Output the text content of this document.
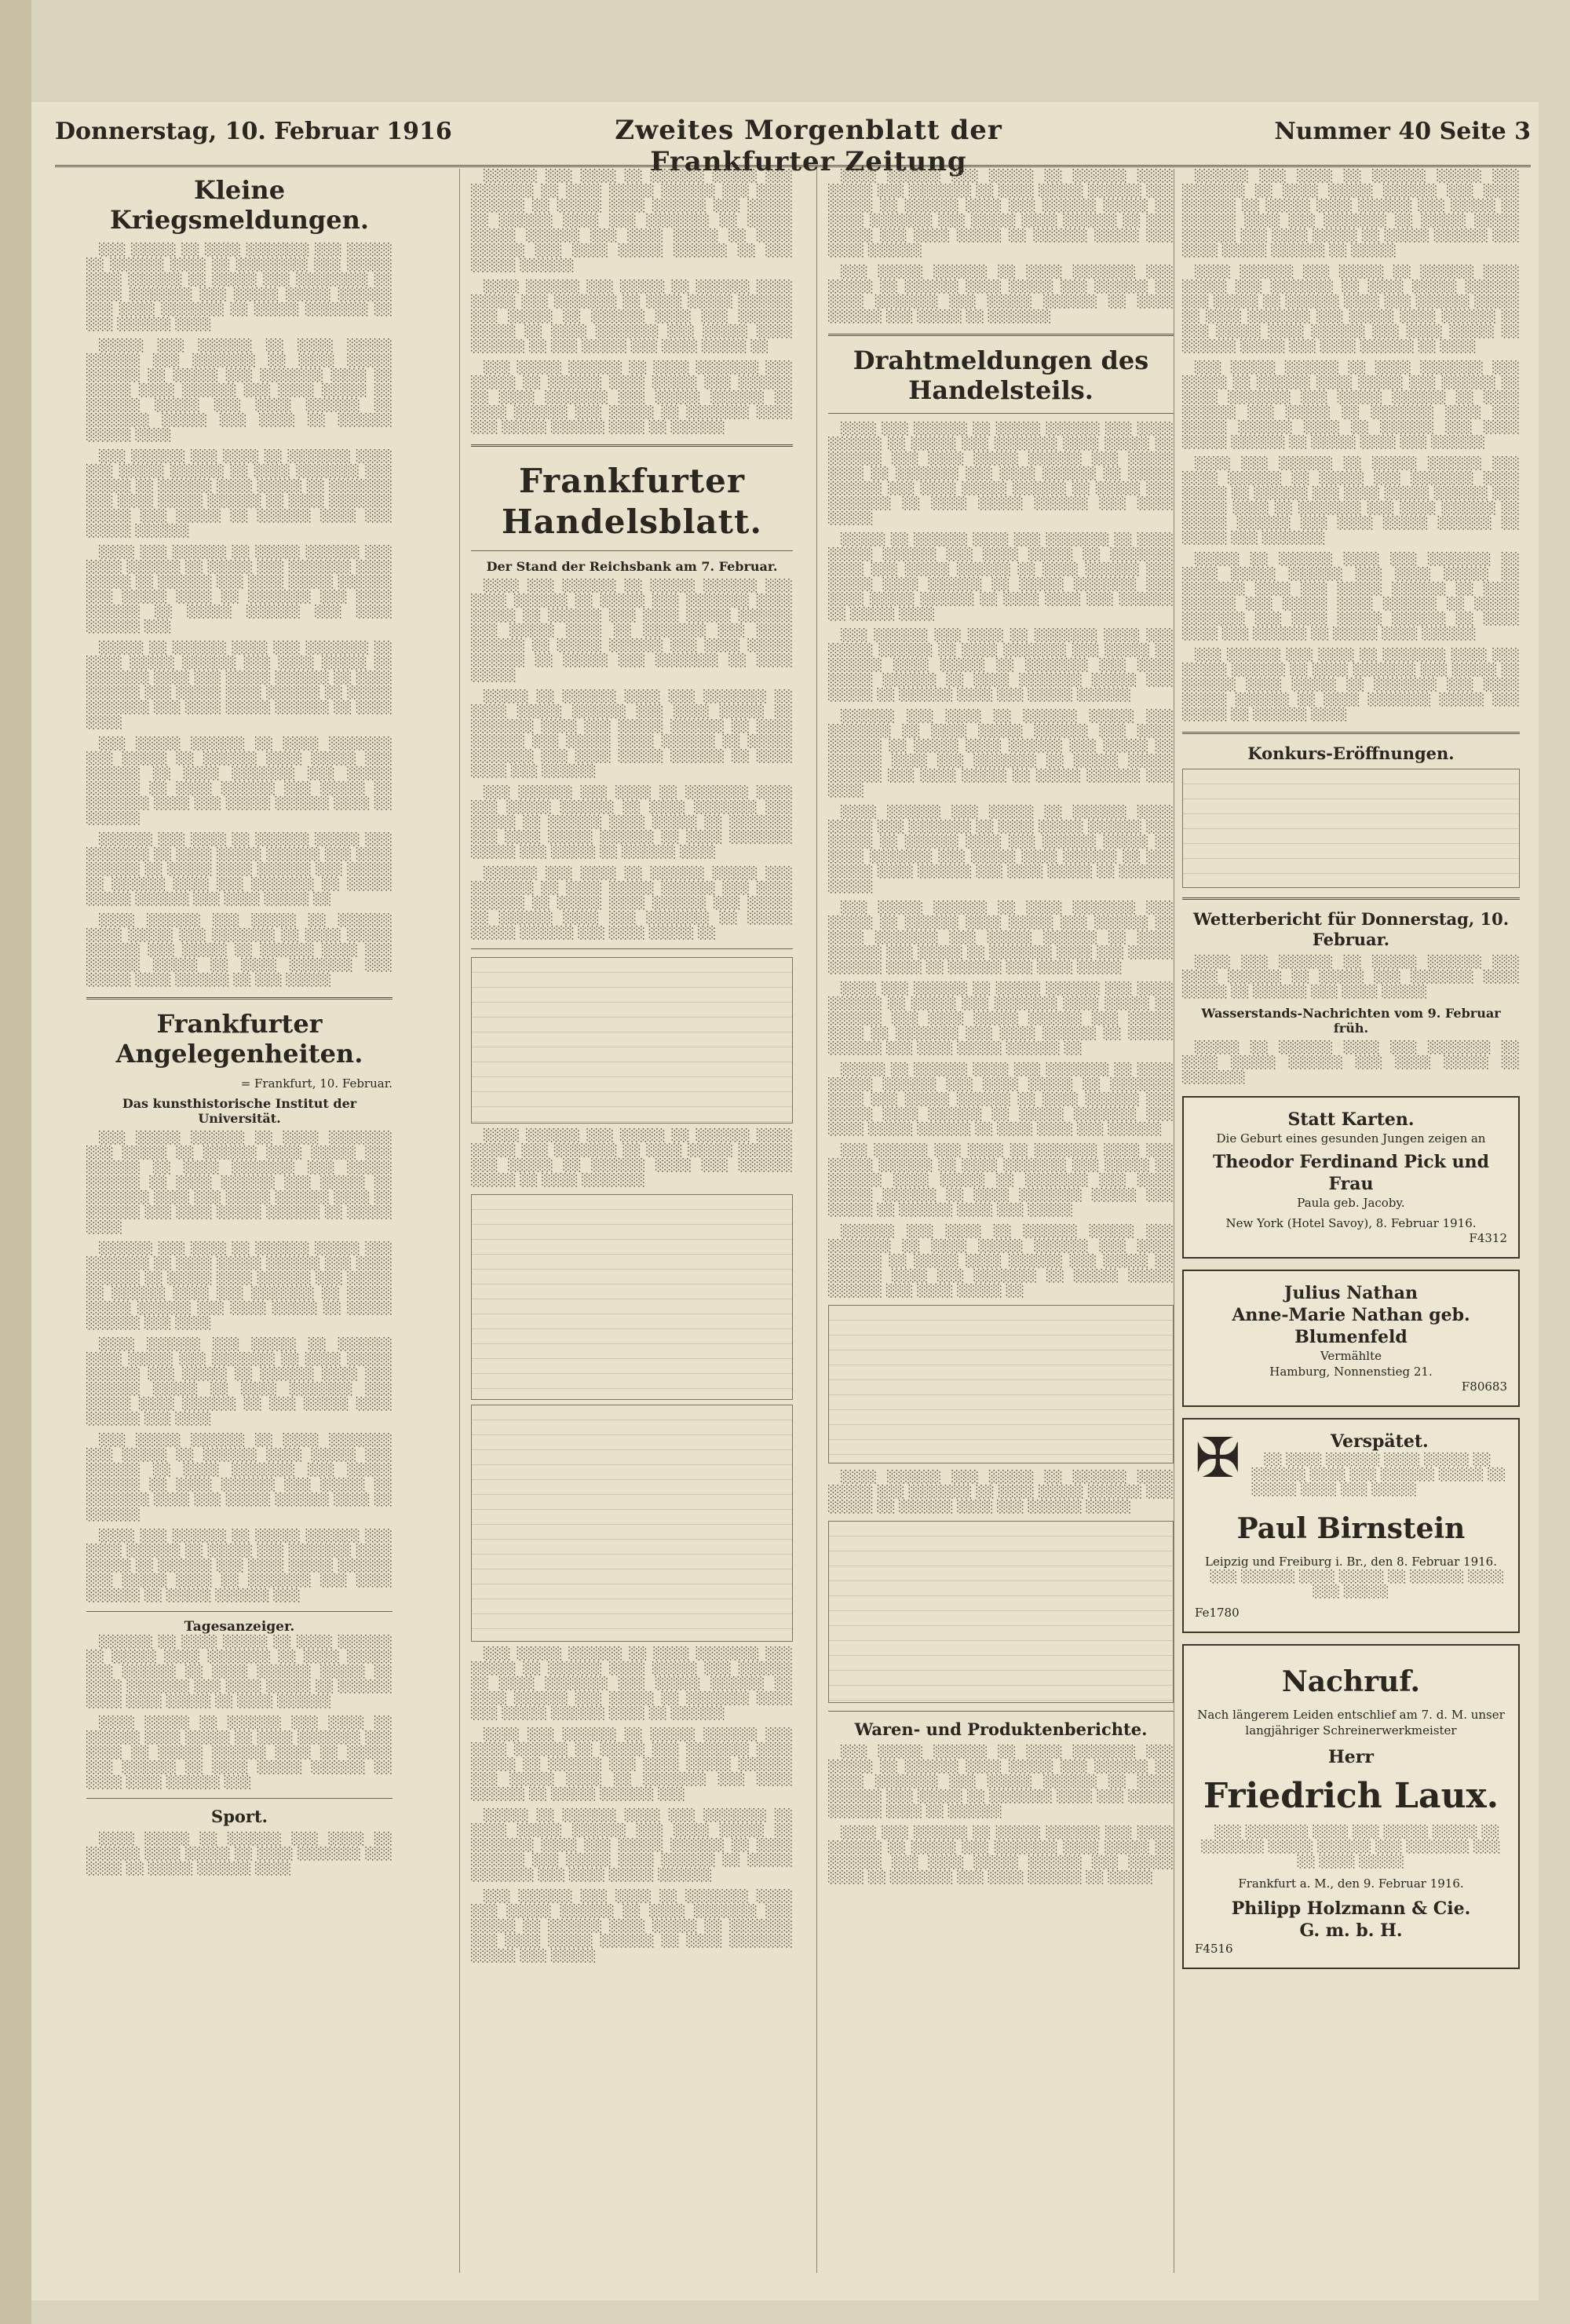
Donnerstag, 10. Februar 1916	Zweites Morgenblatt der Frankfurter Zeitung
Nummer 40 Seite 3
Kleine Kriegsmeldungen.
░░░ ░░░░░ ░░ ░░░░ ░░░░░░░ ░░░ ░░░░░ ░░ ░░░░░░ ░░░░ ░░ ░░░░░░░░ ░░░ ░░░░░ ░░░░ ░░░░░░ ░░ ░░░░░ ░░░ ░░░░░░░░ ░░ ░░░░ ░░░░░░░ ░░░ ░░░░░ ░░░░░ ░░░░░░ ░░░ ░░░░ ░░░░░░░ ░░ ░░░░░ ░░░░░░░ ░░ ░░░ ░░░░░░ ░░░░
░░░░░ ░░░ ░░░░░░ ░░ ░░░░ ░░░░░ ░░░░░░ ░░░ ░░░░░░░ ░░ ░░░░ ░░░░░ ░░░░░░ ░░ ░░░░░ ░░░ ░░░░░░░ ░░░░ ░░ ░░░░░ ░░░░ ░░░░░░ ░░░ ░░░░ ░░░░░ ░░ ░░░░░░ ░░░░░ ░░░ ░░░░ ░░░░░░ ░░ ░░░░░░░ ░░░░░ ░░░ ░░░░ ░░ ░░░░░░ ░░░░░ ░░░░
░░░ ░░░░░░ ░░░ ░░░░ ░░ ░░░░░░░ ░░░░ ░░░ ░░░░░ ░░░░░░ ░░ ░░░░ ░░░░░░░ ░░░ ░░░░░ ░░ ░░░░░░ ░░░░ ░░░░░ ░░ ░░░░░░░ ░░░ ░░░░ ░░░░░ ░░░░░░ ░░ ░░░░ ░░░░░░░ ░░░░░ ░░░ ░░░░░ ░░ ░░░░░░ ░░░░ ░░░ ░░░░░ ░░░░░░
░░░░ ░░░ ░░░░░░ ░░ ░░░░░ ░░░░░░ ░░░ ░░░░ ░░░░░░ ░░ ░░░░░ ░░░ ░░░░░░░ ░░░░ ░░░░░ ░░ ░░░░░░ ░░░ ░░░░ ░░░░░ ░░░░░░ ░░░ ░░░░░ ░░░░ ░░ ░░░░░░░ ░░░ ░░░░ ░░░░░░ ░░ ░░░░░ ░░░░░░ ░░░ ░░░░ ░░░░░░ ░░░
░░░░░ ░░ ░░░░░░ ░░░░ ░░░ ░░░░░░░ ░░ ░░░░ ░░░░░ ░░░░░░ ░░░ ░░░░ ░░░░░ ░░ ░░░░░░░ ░░░░ ░░░ ░░░░░ ░░░░░░ ░░ ░░░░ ░░░░░░ ░░░ ░░░░░ ░░░░ ░░░░░░ ░░ ░░░░░ ░░░░░░░ ░░░ ░░░░ ░░░░░ ░░░░░░ ░░ ░░░░ ░░░░
░░░ ░░░░░ ░░░░░░ ░░ ░░░░ ░░░░░░░ ░░░ ░░░░░ ░░ ░░░░░░ ░░░░ ░░░░░ ░░░ ░░░░░░ ░░ ░░░░ ░░░░░░░ ░░░ ░░░░░ ░░░░░░ ░░ ░░░░ ░░░░░░ ░░░ ░░░░░ ░░ ░░░░░░░ ░░░░ ░░░ ░░░░░ ░░░░░░ ░░░░ ░░ ░░░░░░
░░░░░░ ░░░ ░░░░ ░░ ░░░░░░ ░░░░░ ░░░ ░░░░░░░ ░░ ░░░░ ░░░░░ ░░░░░░ ░░░ ░░░░ ░░░░░░ ░░ ░░░░░ ░░░░ ░░░░░░ ░░░ ░░░░░ ░░ ░░░░░░ ░░░░ ░░░ ░░░░░░░ ░░ ░░░░░ ░░░░░ ░░░░░░ ░░░ ░░░░ ░░░░░ ░░
░░░░ ░░░░░░ ░░░ ░░░░░ ░░ ░░░░░░ ░░░░ ░░░░░ ░░░ ░░░░░░░ ░░ ░░░░ ░░░░░ ░░░░░░ ░░░ ░░░░░ ░░ ░░░░░░ ░░░░ ░░░ ░░░░░░ ░░░░░ ░░ ░░░░ ░░░░░░░ ░░░ ░░░░░ ░░░░ ░░░░░░ ░░ ░░░ ░░░░░
Frankfurter Angelegenheiten.
= Frankfurt, 10. Februar.
Das kunsthistorische Institut der Universität.
░░░ ░░░░░ ░░░░░░ ░░ ░░░░ ░░░░░░░ ░░░ ░░░░░ ░░ ░░░░░░ ░░░░ ░░░░░ ░░░ ░░░░░░ ░░ ░░░░ ░░░░░░░ ░░░ ░░░░░ ░░░░░░ ░░ ░░░░ ░░░░░░ ░░░ ░░░░░ ░░ ░░░░░░░ ░░░░ ░░░ ░░░░░ ░░░░░░ ░░░░ ░░ ░░░░░░ ░░░ ░░░░ ░░░░░ ░░░░░░ ░░ ░░░░░ ░░░░
░░░░░░ ░░░ ░░░░ ░░ ░░░░░░ ░░░░░ ░░░ ░░░░░░░ ░░ ░░░░ ░░░░░ ░░░░░░ ░░░ ░░░░ ░░░░░░ ░░ ░░░░░ ░░░░ ░░░░░░ ░░░ ░░░░░ ░░ ░░░░░░ ░░░░ ░░░ ░░░░░░░ ░░ ░░░░░ ░░░░░ ░░░░░░ ░░░ ░░░░ ░░░░░ ░░ ░░░░░ ░░░░░░ ░░░ ░░░░
░░░░ ░░░░░░ ░░░ ░░░░░ ░░ ░░░░░░ ░░░░ ░░░░░ ░░░ ░░░░░░░ ░░ ░░░░ ░░░░░ ░░░░░░ ░░░ ░░░░░ ░░ ░░░░░░ ░░░░ ░░░ ░░░░░░ ░░░░░ ░░ ░░░░ ░░░░░░░ ░░░ ░░░░░ ░░░░ ░░░░░░ ░░ ░░░ ░░░░░ ░░░░ ░░░░░░ ░░░ ░░░░
░░░ ░░░░░ ░░░░░░ ░░ ░░░░ ░░░░░░░ ░░░ ░░░░░ ░░ ░░░░░░ ░░░░ ░░░░░ ░░░ ░░░░░░ ░░ ░░░░ ░░░░░░░ ░░░ ░░░░░ ░░░░░░ ░░ ░░░░ ░░░░░░ ░░░ ░░░░░ ░░ ░░░░░░░ ░░░░ ░░░ ░░░░░ ░░░░░░ ░░░░ ░░ ░░░░░░
░░░░ ░░░ ░░░░░░ ░░ ░░░░░ ░░░░░░ ░░░ ░░░░ ░░░░░░ ░░ ░░░░░ ░░░ ░░░░░░░ ░░░░ ░░░░░ ░░ ░░░░░░ ░░░ ░░░░ ░░░░░ ░░░░░░ ░░░ ░░░░░ ░░░░ ░░ ░░░░░░░ ░░░ ░░░░ ░░░░░░ ░░ ░░░░░ ░░░░░░ ░░░
Tagesanzeiger.
░░░░░░ ░░ ░░░░ ░░░░░ ░░ ░░░░ ░░░░░░ ░░ ░░░░░ ░░░░ ░░░░░░░ ░░ ░░░░ ░░░░░ ░░░ ░░░░░░ ░░ ░░░░ ░░░░░░ ░░░░░ ░░ ░░░░ ░░░░░░░ ░░░ ░░░░ ░░░░░ ░░ ░░░░░░ ░░░░ ░░░░ ░░░░░ ░░ ░░░░ ░░░░░░
░░░░ ░░░░░ ░░ ░░░░░░ ░░░ ░░░░ ░░ ░░░░░░ ░░░░ ░░░░░ ░░ ░░░░ ░░░░░░░ ░░░ ░░░░ ░░ ░░░░░ ░░░░░░ ░░░░ ░░ ░░░░░ ░░░ ░░░░░░ ░░ ░░░░ ░░░░░ ░░░░░░ ░░ ░░░░ ░░░░ ░░░░░░ ░░░
Sport.
░░░░ ░░░░░ ░░ ░░░░░░ ░░░ ░░░░ ░░ ░░░░░░ ░░░░ ░░░░░ ░░ ░░░░ ░░░░░░░ ░░░ ░░░░ ░░ ░░░░░ ░░░░░░ ░░░░
░░░░░░ ░░░ ░░░░ ░░ ░░░░░░ ░░░░░ ░░░ ░░░░░░░ ░░ ░░░░ ░░░░░ ░░░░░░ ░░░ ░░░░ ░░░░░░ ░░ ░░░░░ ░░░░ ░░░░░░ ░░░ ░░░░░ ░░ ░░░░░░ ░░░░ ░░░ ░░░░░░░ ░░ ░░░░░ ░░░░░ ░░░░░░ ░░░ ░░░░ ░░░░░ ░░ ░░░░ ░░░░░░ ░░░ ░░░░ ░░░░░ ░░░░░░ ░░ ░░░ ░░░░░ ░░░░░░
░░░░ ░░░░░░ ░░░ ░░░░░ ░░ ░░░░░░ ░░░░ ░░░░░ ░░░ ░░░░░░░ ░░ ░░░░ ░░░░░ ░░░░░░ ░░░ ░░░░░ ░░ ░░░░░░ ░░░░ ░░░ ░░░░░░ ░░░░░ ░░ ░░░░ ░░░░░░░ ░░░ ░░░░░ ░░░░ ░░░░░░ ░░ ░░░ ░░░░░ ░░░ ░░░░ ░░░░░ ░░
░░░ ░░░░░ ░░░░░░ ░░ ░░░░ ░░░░░░░ ░░░ ░░░░░ ░░ ░░░░░░ ░░░░ ░░░░░ ░░░ ░░░░░░ ░░ ░░░░ ░░░░░░░ ░░░ ░░░░░ ░░░░░░ ░░ ░░░░ ░░░░░░ ░░░ ░░░░░ ░░ ░░░░░░░ ░░░░ ░░░ ░░░░░ ░░░░░░ ░░░░ ░░ ░░░░░░
Frankfurter Handelsblatt.
Der Stand der Reichsbank am 7. Februar.
░░░░ ░░░ ░░░░░░ ░░ ░░░░░ ░░░░░░ ░░░ ░░░░ ░░░░░░ ░░ ░░░░░ ░░░ ░░░░░░░ ░░░░ ░░░░░ ░░ ░░░░░░ ░░░ ░░░░ ░░░░░ ░░░░░░ ░░░ ░░░░░ ░░░░ ░░ ░░░░░░░ ░░░ ░░░░ ░░░░░░ ░░ ░░░░░ ░░░░░░ ░░░ ░░░░ ░░░░░ ░░░░░░ ░░ ░░░░░ ░░░ ░░░░░░░ ░░ ░░░░ ░░░░░
░░░░░ ░░ ░░░░░░ ░░░░ ░░░ ░░░░░░░ ░░ ░░░░ ░░░░░ ░░░░░░ ░░░ ░░░░ ░░░░░ ░░ ░░░░░░░ ░░░░ ░░░ ░░░░░ ░░░░░░ ░░ ░░░░ ░░░░░░ ░░░ ░░░░░ ░░░░ ░░░░░░ ░░ ░░░░░ ░░░░░░░ ░░░ ░░░░ ░░░░░ ░░░░░░ ░░ ░░░░ ░░░░ ░░░ ░░░░░░
░░░ ░░░░░░ ░░░ ░░░░ ░░ ░░░░░░░ ░░░░ ░░░ ░░░░░ ░░░░░░ ░░ ░░░░ ░░░░░░░ ░░░ ░░░░░ ░░ ░░░░░░ ░░░░ ░░░░░ ░░ ░░░░░░░ ░░░ ░░░░ ░░░░░ ░░░░░░ ░░ ░░░░ ░░░░░░░ ░░░░░ ░░░ ░░░░░ ░░ ░░░░░░ ░░░░
░░░░░░ ░░░ ░░░░ ░░ ░░░░░░ ░░░░░ ░░░ ░░░░░░░ ░░ ░░░░ ░░░░░ ░░░░░░ ░░░ ░░░░ ░░░░░░ ░░ ░░░░░ ░░░░ ░░░░░░ ░░░ ░░░░░ ░░ ░░░░░░ ░░░░ ░░░ ░░░░░░░ ░░ ░░░░░ ░░░░░ ░░░░░░ ░░░ ░░░░ ░░░░░ ░░
░░░░ ░░░░░░ ░░░ ░░░░░ ░░ ░░░░░░ ░░░░ ░░░░░ ░░░ ░░░░░░░ ░░ ░░░░ ░░░░░ ░░░░░░ ░░░ ░░░░░ ░░ ░░░░░░ ░░░░ ░░░ ░░░░░░ ░░░░░ ░░ ░░░░ ░░░░░░░
░░░ ░░░░░ ░░░░░░ ░░ ░░░░ ░░░░░░░ ░░░ ░░░░░ ░░ ░░░░░░ ░░░░ ░░░░░ ░░░ ░░░░░░ ░░ ░░░░ ░░░░░░░ ░░░ ░░░░░ ░░░░░░ ░░ ░░░░ ░░░░░░ ░░░ ░░░░░ ░░ ░░░░░░░ ░░░░ ░░░ ░░░░░ ░░░░░░ ░░░░ ░░ ░░░░░░
░░░░ ░░░ ░░░░░░ ░░ ░░░░░ ░░░░░░ ░░░ ░░░░ ░░░░░░ ░░ ░░░░░ ░░░ ░░░░░░░ ░░░░ ░░░░░ ░░ ░░░░░░ ░░░ ░░░░ ░░░░░ ░░░░░░ ░░░ ░░░░░ ░░░░ ░░ ░░░░░░░ ░░░ ░░░░ ░░░░░░ ░░ ░░░░░ ░░░░░░ ░░░
░░░░░ ░░ ░░░░░░ ░░░░ ░░░ ░░░░░░░ ░░ ░░░░ ░░░░░ ░░░░░░ ░░░ ░░░░ ░░░░░ ░░ ░░░░░░░ ░░░░ ░░░ ░░░░░ ░░░░░░ ░░ ░░░░ ░░░░░░ ░░░ ░░░░░ ░░░░ ░░░░░░ ░░ ░░░░░ ░░░░░░░ ░░░ ░░░░ ░░░░░ ░░░░░░
░░░ ░░░░░░ ░░░ ░░░░ ░░ ░░░░░░░ ░░░░ ░░░ ░░░░░ ░░░░░░ ░░ ░░░░ ░░░░░░░ ░░░ ░░░░░ ░░ ░░░░░░ ░░░░ ░░░░░ ░░ ░░░░░░░ ░░░ ░░░░ ░░░░░ ░░░░░░ ░░ ░░░░ ░░░░░░░ ░░░░░ ░░░ ░░░░░
░░░░ ░░░░░░ ░░░ ░░░░░ ░░ ░░░░░░ ░░░░ ░░░░░ ░░░ ░░░░░░░ ░░ ░░░░ ░░░░░ ░░░░░░ ░░░ ░░░░░ ░░ ░░░░░░ ░░░░ ░░░ ░░░░░░ ░░░░░ ░░ ░░░░ ░░░░░░░ ░░░ ░░░░░ ░░░░ ░░░░░░ ░░ ░░░ ░░░░░ ░░░ ░░░░ ░░░░░ ░░ ░░░░░░ ░░░░░ ░░░ ░░░░ ░░░░░░
░░░ ░░░░░ ░░░░░░ ░░ ░░░░ ░░░░░░░ ░░░ ░░░░░ ░░ ░░░░░░ ░░░░ ░░░░░ ░░░ ░░░░░░ ░░ ░░░░ ░░░░░░░ ░░░ ░░░░░ ░░░░░░ ░░ ░░░░ ░░░░░░ ░░░ ░░░░░ ░░ ░░░░░░░
Drahtmeldungen des Handelsteils.
░░░░ ░░░ ░░░░░░ ░░ ░░░░░ ░░░░░░ ░░░ ░░░░ ░░░░░░ ░░ ░░░░░ ░░░ ░░░░░░░ ░░░░ ░░░░░ ░░ ░░░░░░ ░░░ ░░░░ ░░░░░ ░░░░░░ ░░░ ░░░░░ ░░░░ ░░ ░░░░░░░ ░░░ ░░░░ ░░░░░░ ░░ ░░░░░ ░░░░░░ ░░░ ░░░░ ░░░░░ ░░░░░░ ░░ ░░░░░ ░░░ ░░░░░░░ ░░ ░░░░ ░░░░░ ░░░░░░ ░░░ ░░░░ ░░░░░
░░░░░ ░░ ░░░░░░ ░░░░ ░░░ ░░░░░░░ ░░ ░░░░ ░░░░░ ░░░░░░ ░░░ ░░░░ ░░░░░ ░░ ░░░░░░░ ░░░░ ░░░ ░░░░░ ░░░░░░ ░░ ░░░░ ░░░░░░ ░░░ ░░░░░ ░░░░ ░░░░░░ ░░ ░░░░░ ░░░░░░░ ░░░ ░░░░ ░░░░░ ░░░░░░ ░░ ░░░░ ░░░░ ░░░ ░░░░░░ ░░ ░░░░░ ░░░░
░░░ ░░░░░░ ░░░ ░░░░ ░░ ░░░░░░░ ░░░░ ░░░ ░░░░░ ░░░░░░ ░░ ░░░░ ░░░░░░░ ░░░ ░░░░░ ░░ ░░░░░░ ░░░░ ░░░░░ ░░ ░░░░░░░ ░░░ ░░░░ ░░░░░ ░░░░░░ ░░ ░░░░ ░░░░░░░ ░░░░░ ░░░ ░░░░░ ░░ ░░░░░░ ░░░░ ░░░ ░░░░░ ░░░░░░
░░░░░░ ░░░ ░░░░ ░░ ░░░░░░ ░░░░░ ░░░ ░░░░░░░ ░░ ░░░░ ░░░░░ ░░░░░░ ░░░ ░░░░ ░░░░░░ ░░ ░░░░░ ░░░░ ░░░░░░ ░░░ ░░░░░ ░░ ░░░░░░ ░░░░ ░░░ ░░░░░░░ ░░ ░░░░░ ░░░░░ ░░░░░░ ░░░ ░░░░ ░░░░░ ░░ ░░░░░ ░░░░░░ ░░░ ░░░░
░░░░ ░░░░░░ ░░░ ░░░░░ ░░ ░░░░░░ ░░░░ ░░░░░ ░░░ ░░░░░░░ ░░ ░░░░ ░░░░░ ░░░░░░ ░░░ ░░░░░ ░░ ░░░░░░ ░░░░ ░░░ ░░░░░░ ░░░░░ ░░ ░░░░ ░░░░░░░ ░░░ ░░░░░ ░░░░ ░░░░░░ ░░ ░░░ ░░░░░ ░░░░ ░░░░░░ ░░░ ░░░░ ░░░░░ ░░ ░░░░░░ ░░░░░
░░░ ░░░░░ ░░░░░░ ░░ ░░░░ ░░░░░░░ ░░░ ░░░░░ ░░ ░░░░░░ ░░░░ ░░░░░ ░░░ ░░░░░░ ░░ ░░░░ ░░░░░░░ ░░░ ░░░░░ ░░░░░░ ░░ ░░░░ ░░░░░░ ░░░ ░░░░░ ░░ ░░░░░░░ ░░░░ ░░░ ░░░░░ ░░░░░░ ░░░░ ░░ ░░░░░░ ░░░ ░░░░ ░░░░░
░░░░ ░░░ ░░░░░░ ░░ ░░░░░ ░░░░░░ ░░░ ░░░░ ░░░░░░ ░░ ░░░░░ ░░░ ░░░░░░░ ░░░░ ░░░░░ ░░ ░░░░░░ ░░░ ░░░░ ░░░░░ ░░░░░░ ░░░ ░░░░░ ░░░░ ░░ ░░░░░░░ ░░░ ░░░░ ░░░░░░ ░░ ░░░░░ ░░░░░░ ░░░ ░░░░ ░░░░░ ░░░░░░ ░░
░░░░░ ░░ ░░░░░░ ░░░░ ░░░ ░░░░░░░ ░░ ░░░░ ░░░░░ ░░░░░░ ░░░ ░░░░ ░░░░░ ░░ ░░░░░░░ ░░░░ ░░░ ░░░░░ ░░░░░░ ░░ ░░░░ ░░░░░░ ░░░ ░░░░░ ░░░░ ░░░░░░ ░░ ░░░░░ ░░░░░░░ ░░░ ░░░░ ░░░░░ ░░░░░░ ░░ ░░░░ ░░░░ ░░░ ░░░░░░
░░░ ░░░░░░ ░░░ ░░░░ ░░ ░░░░░░░ ░░░░ ░░░ ░░░░░ ░░░░░░ ░░ ░░░░ ░░░░░░░ ░░░ ░░░░░ ░░ ░░░░░░ ░░░░ ░░░░░ ░░ ░░░░░░░ ░░░ ░░░░ ░░░░░ ░░░░░░ ░░ ░░░░ ░░░░░░░ ░░░░░ ░░░ ░░░░░ ░░ ░░░░░░ ░░░░ ░░░ ░░░░░
░░░░░░ ░░░ ░░░░ ░░ ░░░░░░ ░░░░░ ░░░ ░░░░░░░ ░░ ░░░░ ░░░░░ ░░░░░░ ░░░ ░░░░ ░░░░░░ ░░ ░░░░░ ░░░░ ░░░░░░ ░░░ ░░░░░ ░░ ░░░░░░ ░░░░ ░░░ ░░░░░░░ ░░ ░░░░░ ░░░░░ ░░░░░░ ░░░ ░░░░ ░░░░░ ░░
░░░░ ░░░░░░ ░░░ ░░░░░ ░░ ░░░░░░ ░░░░ ░░░░░ ░░░ ░░░░░░░ ░░ ░░░░ ░░░░░ ░░░░░░ ░░░ ░░░░░ ░░ ░░░░░░ ░░░░ ░░░ ░░░░░░ ░░░░░
Waren- und Produktenberichte.
░░░ ░░░░░ ░░░░░░ ░░ ░░░░ ░░░░░░░ ░░░ ░░░░░ ░░ ░░░░░░ ░░░░ ░░░░░ ░░░ ░░░░░░ ░░ ░░░░ ░░░░░░░ ░░░ ░░░░░ ░░░░░░ ░░ ░░░░ ░░░░░░ ░░░ ░░░░░ ░░ ░░░░░░░ ░░░░ ░░░ ░░░░░ ░░░░░░ ░░░░ ░░ ░░░░░░
░░░░ ░░░ ░░░░░░ ░░ ░░░░░ ░░░░░░ ░░░ ░░░░ ░░░░░░ ░░ ░░░░░ ░░░ ░░░░░░░ ░░░░ ░░░░░ ░░ ░░░░░░ ░░░ ░░░░ ░░░░░ ░░░░░░ ░░░ ░░░░░ ░░░░ ░░ ░░░░░░░ ░░░ ░░░░ ░░░░░░ ░░ ░░░░░
░░░░░░ ░░░ ░░░░ ░░ ░░░░░░ ░░░░░ ░░░ ░░░░░░░ ░░ ░░░░ ░░░░░ ░░░░░░ ░░░ ░░░░ ░░░░░░ ░░ ░░░░░ ░░░░ ░░░░░░ ░░░ ░░░░░ ░░ ░░░░░░ ░░░░ ░░░ ░░░░░░░ ░░ ░░░░░ ░░░░░ ░░░░░░ ░░░ ░░░░ ░░░░░ ░░ ░░░░░ ░░░░░░ ░░░ ░░░░ ░░░░░ ░░░░░░ ░░ ░░░░░
░░░░ ░░░░░░ ░░░ ░░░░░ ░░ ░░░░░░ ░░░░ ░░░░░ ░░░ ░░░░░░░ ░░ ░░░░ ░░░░░ ░░░░░░ ░░░ ░░░░░ ░░ ░░░░░░ ░░░░ ░░░ ░░░░░░ ░░░░░ ░░ ░░░░ ░░░░░░░ ░░░ ░░░░░ ░░░░ ░░░░░░ ░░ ░░░ ░░░░░ ░░░░ ░░░░░░ ░░░ ░░░░ ░░░░░ ░░ ░░░░░░ ░░░░░ ░░░ ░░░░ ░░░░░░ ░░ ░░░░
░░░ ░░░░░ ░░░░░░ ░░ ░░░░ ░░░░░░░ ░░░ ░░░░░ ░░ ░░░░░░ ░░░░ ░░░░░ ░░░ ░░░░░░ ░░ ░░░░ ░░░░░░░ ░░░ ░░░░░ ░░░░░░ ░░ ░░░░ ░░░░░░ ░░░ ░░░░░ ░░ ░░░░░░░ ░░░░ ░░░ ░░░░░ ░░░░░░ ░░░░ ░░ ░░░░░░ ░░░ ░░░░ ░░░░░ ░░░░░░ ░░ ░░░░░ ░░░░ ░░░ ░░░░░░
░░░░ ░░░ ░░░░░░ ░░ ░░░░░ ░░░░░░ ░░░ ░░░░ ░░░░░░ ░░ ░░░░░ ░░░ ░░░░░░░ ░░░░ ░░░░░ ░░ ░░░░░░ ░░░ ░░░░ ░░░░░ ░░░░░░ ░░░ ░░░░░ ░░░░ ░░ ░░░░░░░ ░░░ ░░░░ ░░░░░░ ░░ ░░░░░ ░░░░░░ ░░░ ░░░░ ░░░░░ ░░░░░░ ░░ ░░░░░ ░░░ ░░░░░░░
░░░░░ ░░ ░░░░░░ ░░░░ ░░░ ░░░░░░░ ░░ ░░░░ ░░░░░ ░░░░░░ ░░░ ░░░░ ░░░░░ ░░ ░░░░░░░ ░░░░ ░░░ ░░░░░ ░░░░░░ ░░ ░░░░ ░░░░░░ ░░░ ░░░░░ ░░░░ ░░░░░░ ░░ ░░░░░ ░░░░░░░ ░░░ ░░░░ ░░░░░ ░░░░░░ ░░ ░░░░ ░░░░ ░░░ ░░░░░░ ░░ ░░░░░ ░░░░ ░░░░░░
░░░ ░░░░░░ ░░░ ░░░░ ░░ ░░░░░░░ ░░░░ ░░░ ░░░░░ ░░░░░░ ░░ ░░░░ ░░░░░░░ ░░░ ░░░░░ ░░ ░░░░░░ ░░░░ ░░░░░ ░░ ░░░░░░░ ░░░ ░░░░ ░░░░░ ░░░░░░ ░░ ░░░░ ░░░░░░░ ░░░░░ ░░░ ░░░░░ ░░ ░░░░░░ ░░░░
Konkurs-Eröffnungen.
Wetterbericht für Donnerstag, 10. Februar.
░░░░ ░░░ ░░░░░░ ░░ ░░░░░ ░░░░░░ ░░░ ░░░░ ░░░░░░ ░░ ░░░░░ ░░░ ░░░░░░░ ░░░░ ░░░░░ ░░ ░░░░░░ ░░░ ░░░░ ░░░░░
Wasserstands-Nachrichten vom 9. Februar früh.
░░░░░ ░░ ░░░░░░ ░░░░ ░░░ ░░░░░░░ ░░ ░░░░ ░░░░░ ░░░░░░ ░░░ ░░░░ ░░░░░ ░░ ░░░░░░░
Statt Karten.
Die Geburt eines gesunden Jungen zeigen an
Theodor Ferdinand Pick und Frau
Paula geb. Jacoby.
New York (Hotel Savoy), 8. Februar 1916.
F4312
Julius Nathan
Anne-Marie Nathan geb. Blumenfeld
Vermählte
Hamburg, Nonnenstieg 21.
F80683
✠	Verspätet.
░░ ░░░░ ░░░░░░ ░░░░ ░░░░░ ░░ ░░░░░░ ░░░░ ░░░ ░░░░░░ ░░░░░ ░░ ░░░░░ ░░░░ ░░░ ░░░░░
Paul Birnstein
Leipzig und Freiburg i. Br., den 8. Februar 1916.
░░░ ░░░░░░ ░░░░ ░░░░░ ░░ ░░░░░░ ░░░░ ░░░ ░░░░░
Fe1780
Nachruf.
Nach längerem Leiden entschlief am 7. d. M. unser langjähriger Schreinerwerkmeister
Herr
Friedrich Laux.
░░░ ░░░░░░░ ░░░░ ░░░ ░░░░░ ░░░░░ ░░ ░░░░░░░ ░░░░░ ░░░░░░ ░░░ ░░░░░░░ ░░░ ░░ ░░░░ ░░░░░
Frankfurt a. M., den 9. Februar 1916.
Philipp Holzmann & Cie.
G. m. b. H.
F4516
